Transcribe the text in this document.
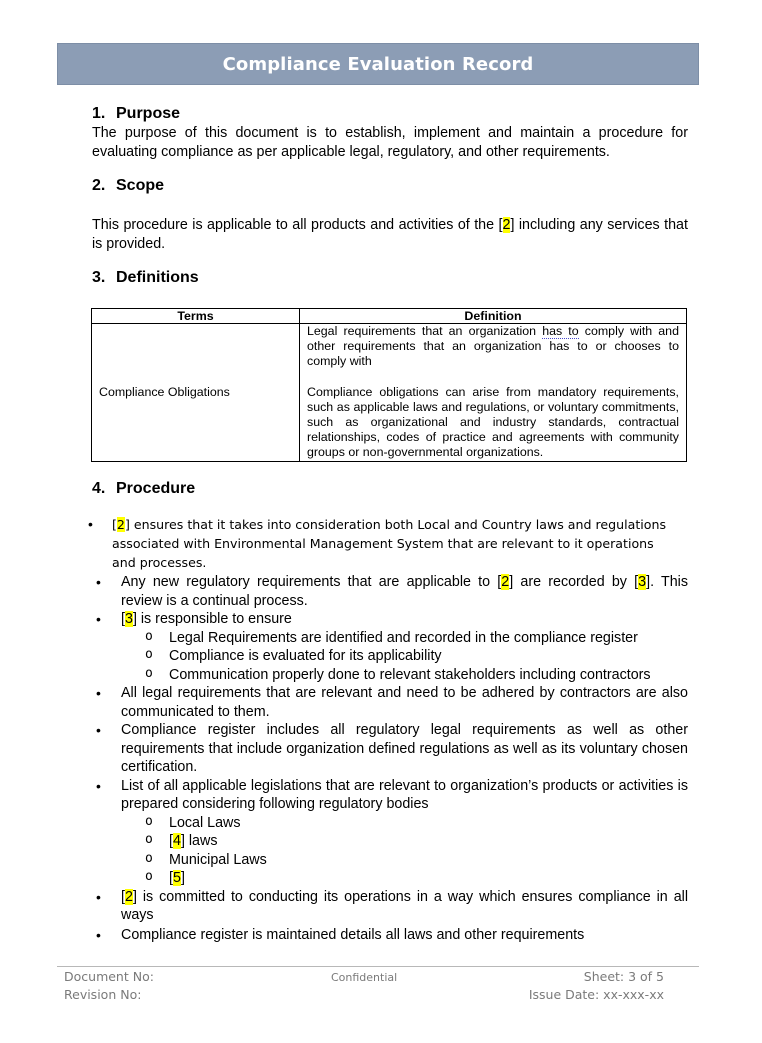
Compliance Evaluation Record
1. Purpose

The purpose of this document is to establish, implement and maintain a procedure for evaluating compliance as per applicable legal, regulatory, and other requirements.

2. Scope

This procedure is applicable to all products and activities of the [2] including any services that is provided.

3. Definitions
Terms	Definition
Compliance Obligations	Legal requirements that an organization has to comply with and other requirements that an organization has to or chooses to comply with
Compliance obligations can arise from mandatory requirements, such as applicable laws and regulations, or voluntary commitments, such as organizational and industry standards, contractual relationships, codes of practice and agreements with community groups or non-governmental organizations.
4. Procedure
• [2] ensures that it takes into consideration both Local and Country laws and regulations associated with Environmental Management System that are relevant to it operations and processes.

• Any new regulatory requirements that are applicable to [2] are recorded by [3]. This review is a continual process.
• [3] is responsible to ensure
o Legal Requirements are identified and recorded in the compliance register
o Compliance is evaluated for its applicability
o Communication properly done to relevant stakeholders including contractors
• All legal requirements that are relevant and need to be adhered by contractors are also communicated to them.
• Compliance register includes all regulatory legal requirements as well as other requirements that include organization defined regulations as well as its voluntary chosen certification.
• List of all applicable legislations that are relevant to organization’s products or activities is prepared considering following regulatory bodies
o Local Laws
o [4] laws
o Municipal Laws
o [5]
• [2] is committed to conducting its operations in a way which ensures compliance in all ways
• Compliance register is maintained details all laws and other requirements
Document No:
Revision No:
Confidential	Sheet: 3 of 5
Issue Date: xx-xxx-xx
